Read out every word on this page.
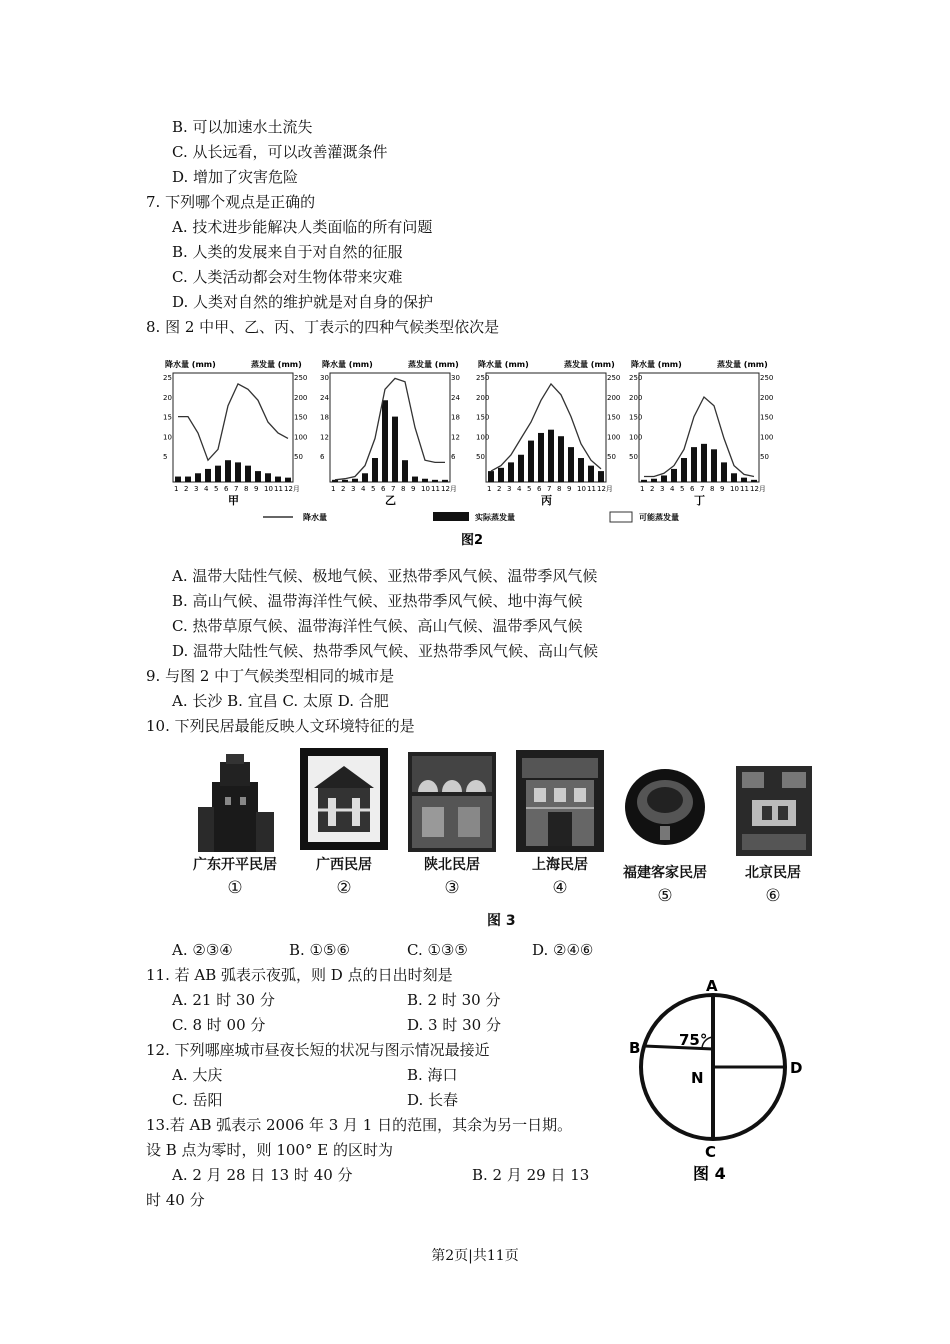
B. 可以加速水土流失
C. 从长远看，可以改善灌溉条件
D. 增加了灾害危险
7. 下列哪个观点是正确的
A. 技术进步能解决人类面临的所有问题
B. 人类的发展来自于对自然的征服
C. 人类活动都会对生物体带来灾难
D. 人类对自然的维护就是对自身的保护
8. 图 2 中甲、乙、丙、丁表示的四种气候类型依次是
降水量 (mm)	蒸发量 (mm)
25	250
20	200
15	150
10	100
5	50
1 2 3 4 5 6 7 8 9 10 11 12月
甲
降水量 (mm)	蒸发量 (mm)
30	30
24	24
18	18
12	12
6	6
1 2 3 4 5 6 7 8 9 10 11 12月
乙
降水量 (mm)	蒸发量 (mm)
250	250
200	200
150	150
100	100
50	50
1 2 3 4 5 6 7 8 9 10 11 12月
丙
降水量 (mm)	蒸发量 (mm)
250	250
200	200
150	150
100	100
50	50
1 2 3 4 5 6 7 8 9 10 11 12月
丁
降水量	实际蒸发量	可能蒸发量
图2
A. 温带大陆性气候、极地气候、亚热带季风气候、温带季风气候
B. 高山气候、温带海洋性气候、亚热带季风气候、地中海气候
C. 热带草原气候、温带海洋性气候、高山气候、温带季风气候
D. 温带大陆性气候、热带季风气候、亚热带季风气候、高山气候
9. 与图 2 中丁气候类型相同的城市是
A. 长沙 B. 宜昌 C. 太原 D. 合肥
10. 下列民居最能反映人文环境特征的是
广东开平民居
①
广西民居
②
陕北民居
③
上海民居
④
福建客家民居
⑤
北京民居
⑥
图 3
A. ②③④	B. ①⑤⑥	C. ①③⑤	D. ②④⑥
11. 若 AB 弧表示夜弧，则 D 点的日出时刻是
A. 21 时 30 分	B. 2 时 30 分
C. 8 时 00 分	D. 3 时 30 分
12. 下列哪座城市昼夜长短的状况与图示情况最接近
A. 大庆	B. 海口
C. 岳阳	D. 长春
13.若 AB 弧表示 2006 年 3 月 1 日的范围，其余为另一日期。
设 B 点为零时，则 100° E 的区时为
A. 2 月 28 日 13 时 40 分	B. 2 月 29 日 13
时 40 分
75°
A
B
D
N
C
图 4
第2页|共11页
